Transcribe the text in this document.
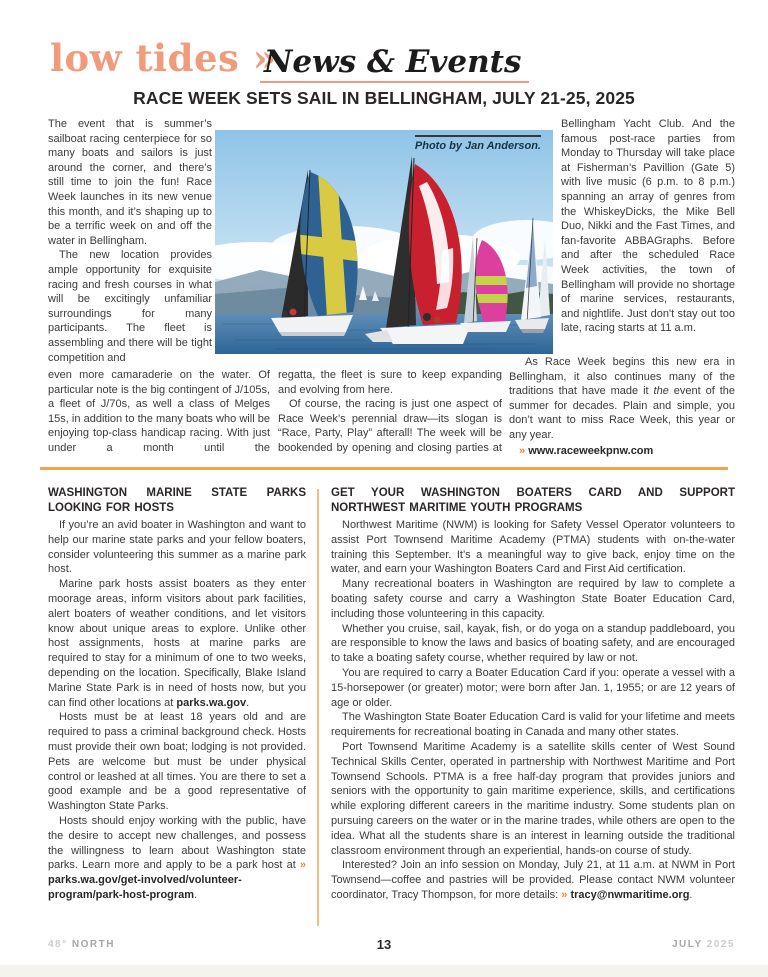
low tides »
News & Events
RACE WEEK SETS SAIL IN BELLINGHAM, JULY 21-25, 2025
Photo by Jan Anderson.

The event that is summer’s sailboat racing centerpiece for so many boats and sailors is just around the corner, and there’s still time to join the fun! Race Week launches in its new venue this month, and it’s shaping up to be a terrific week on and off the water in Bellingham.

The new location provides ample opportunity for exquisite racing and fresh courses in what will be excitingly unfamiliar surroundings for many participants. The fleet is assembling and there will be tight competition and

even more camaraderie on the water. Of particular note is the big contingent of J/105s, a fleet of J/70s, as well a class of Melges 15s, in addition to the many boats who will be enjoying top-class handicap racing. With just under a month until the

regatta, the fleet is sure to keep expanding and evolving from here.

Of course, the racing is just one aspect of Race Week’s perennial draw—its slogan is “Race, Party, Play” afterall! The week will be bookended by opening and closing parties at

Bellingham Yacht Club. And the famous post-race parties from Monday to Thursday will take place at Fisherman’s Pavillion (Gate 5) with live music (6 p.m. to 8 p.m.) spanning an array of genres from the WhiskeyDicks, the Mike Bell Duo, Nikki and the Fast Times, and fan-favorite ABBAGraphs. Before and after the scheduled Race Week activities, the town of Bellingham will provide no shortage of marine services, restaurants, and nightlife. Just don't stay out too late, racing starts at 11 a.m.

As Race Week begins this new era in Bellingham, it also continues many of the traditions that have made it the event of the summer for decades. Plain and simple, you don’t want to miss Race Week, this year or any year.

» www.raceweekpnw.com

WASHINGTON MARINE STATE PARKS LOOKING FOR HOSTS

If you’re an avid boater in Washington and want to help our marine state parks and your fellow boaters, consider volunteering this summer as a marine park host.

Marine park hosts assist boaters as they enter moorage areas, inform visitors about park facilities, alert boaters of weather conditions, and let visitors know about unique areas to explore. Unlike other host assignments, hosts at marine parks are required to stay for a minimum of one to two weeks, depending on the location. Specifically, Blake Island Marine State Park is in need of hosts now, but you can find other locations at parks.wa.gov.

Hosts must be at least 18 years old and are required to pass a criminal background check. Hosts must provide their own boat; lodging is not provided. Pets are welcome but must be under physical control or leashed at all times. You are there to set a good example and be a good representative of Washington State Parks.

Hosts should enjoy working with the public, have the desire to accept new challenges, and possess the willingness to learn about Washington state parks. Learn more and apply to be a park host at » parks.wa.gov/get-involved/volunteer-program/park-host-program.

GET YOUR WASHINGTON BOATERS CARD AND SUPPORT NORTHWEST MARITIME YOUTH PROGRAMS

Northwest Maritime (NWM) is looking for Safety Vessel Operator volunteers to assist Port Townsend Maritime Academy (PTMA) students with on-the-water training this September. It’s a meaningful way to give back, enjoy time on the water, and earn your Washington Boaters Card and First Aid certification.

Many recreational boaters in Washington are required by law to complete a boating safety course and carry a Washington State Boater Education Card, including those volunteering in this capacity.

Whether you cruise, sail, kayak, fish, or do yoga on a standup paddleboard, you are responsible to know the laws and basics of boating safety, and are encouraged to take a boating safety course, whether required by law or not.

You are required to carry a Boater Education Card if you: operate a vessel with a 15-horsepower (or greater) motor; were born after Jan. 1, 1955; or are 12 years of age or older.

The Washington State Boater Education Card is valid for your lifetime and meets requirements for recreational boating in Canada and many other states.

Port Townsend Maritime Academy is a satellite skills center of West Sound Technical Skills Center, operated in partnership with Northwest Maritime and Port Townsend Schools. PTMA is a free half-day program that provides juniors and seniors with the opportunity to gain maritime experience, skills, and certifications while exploring different careers in the maritime industry. Some students plan on pursuing careers on the water or in the marine trades, while others are open to the idea. What all the students share is an interest in learning outside the traditional classroom environment through an experiential, hands-on course of study.

Interested? Join an info session on Monday, July 21, at 11 a.m. at NWM in Port Townsend—coffee and pastries will be provided. Please contact NWM volunteer coordinator, Tracy Thompson, for more details: » tracy@nwmaritime.org.

13
48° NORTH	JULY 2025
